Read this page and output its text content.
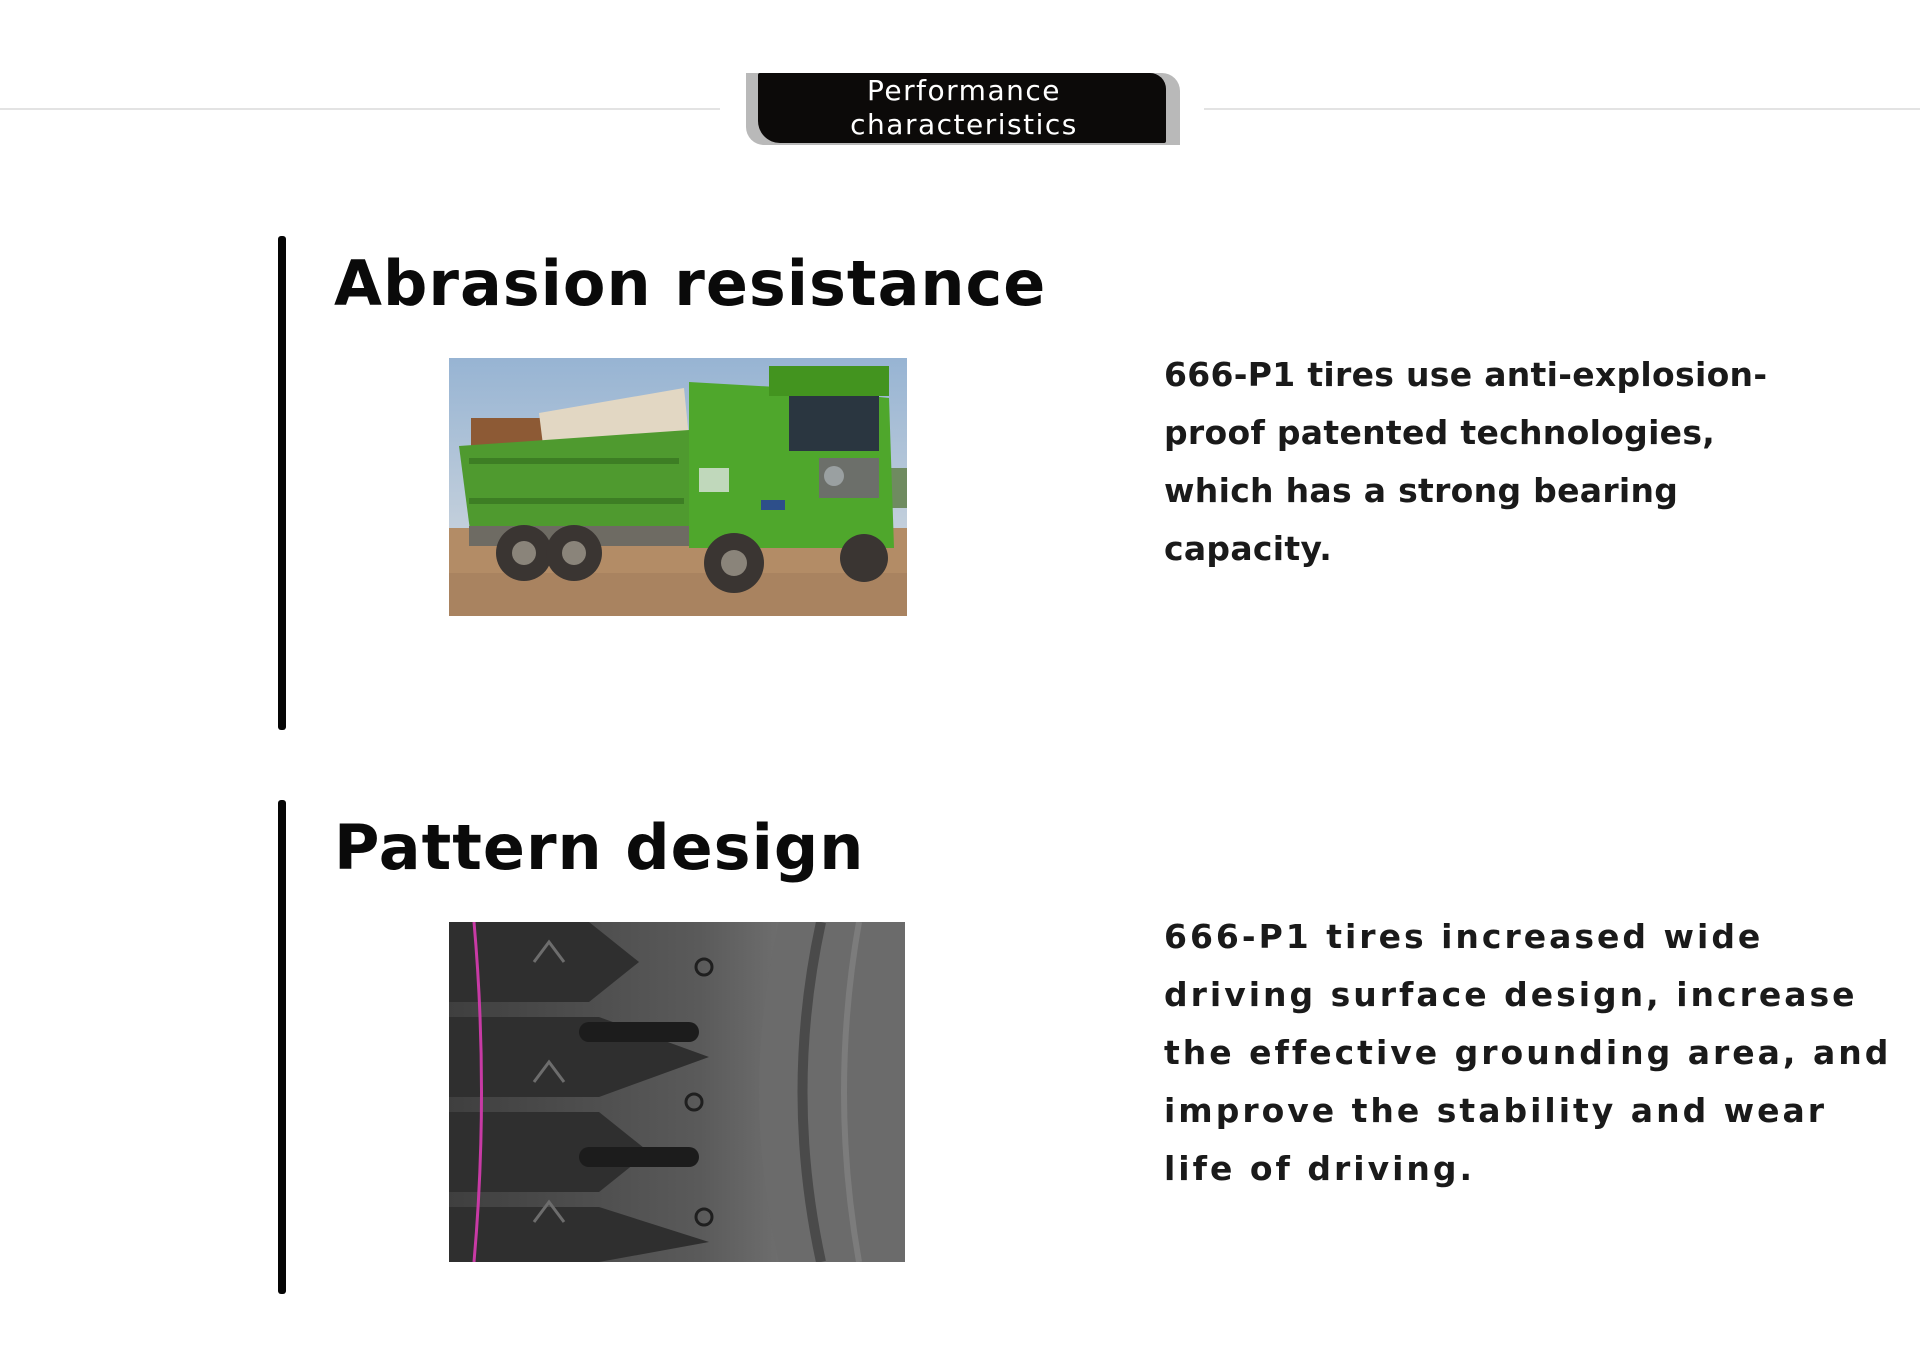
Performance
characteristics
Abrasion resistance

666-P1 tires use anti-explosion-proof patented technologies, which has a strong bearing capacity.

Pattern design

666-P1 tires increased wide driving surface design, increase the effective grounding area, and improve the stability and wear life of driving.
